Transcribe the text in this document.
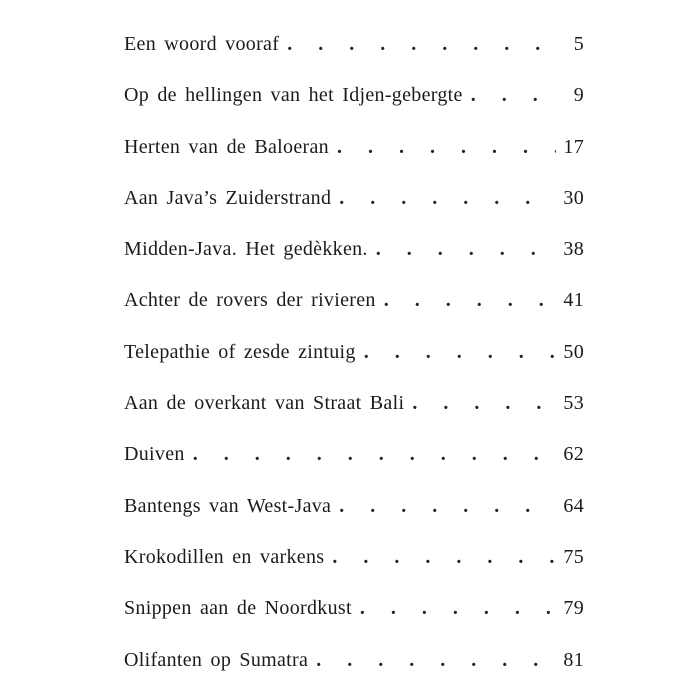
Een woord vooraf . . .	5
Op de hellingen van het Idjen-gebergte . . .	9
Herten van de Baloeran . . .	17
Aan Java’s Zuiderstrand . . .	30
Midden-Java. Het gedèkken. . . .	38
Achter de rovers der rivieren . . .	41
Telepathie of zesde zintuig . . .	50
Aan de overkant van Straat Bali . . .	53
Duiven . . .	62
Bantengs van West-Java . . .	64
Krokodillen en varkens . . .	75
Snippen aan de Noordkust . . .	79
Olifanten op Sumatra . . .	81
